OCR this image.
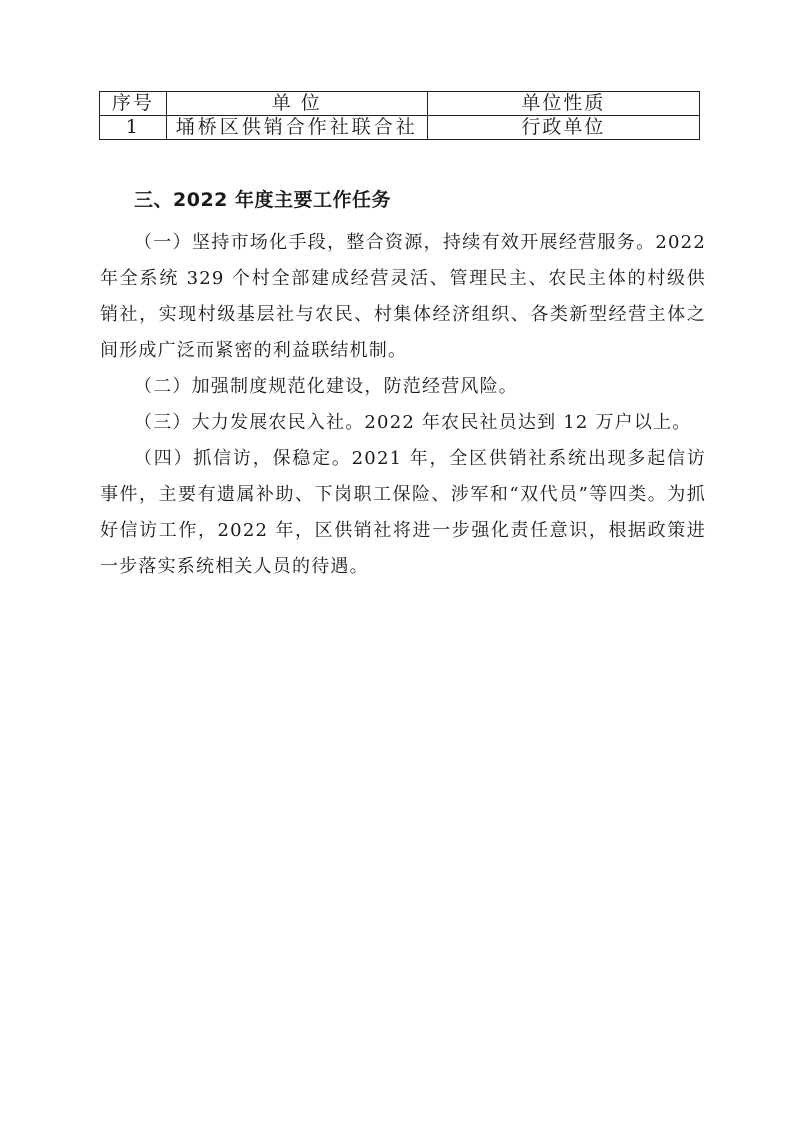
序号	单 位	单位性质
1	埇桥区供销合作社联合社	行政单位
三、2022 年度主要工作任务

（一）坚持市场化手段，整合资源，持续有效开展经营服务。2022 年全系统 329 个村全部建成经营灵活、管理民主、农民主体的村级供销社，实现村级基层社与农民、村集体经济组织、各类新型经营主体之间形成广泛而紧密的利益联结机制。

（二）加强制度规范化建设，防范经营风险。

（三）大力发展农民入社。2022 年农民社员达到 12 万户以上。

（四）抓信访，保稳定。2021 年，全区供销社系统出现多起信访事件，主要有遗属补助、下岗职工保险、涉军和“双代员”等四类。为抓好信访工作，2022 年，区供销社将进一步强化责任意识，根据政策进一步落实系统相关人员的待遇。
